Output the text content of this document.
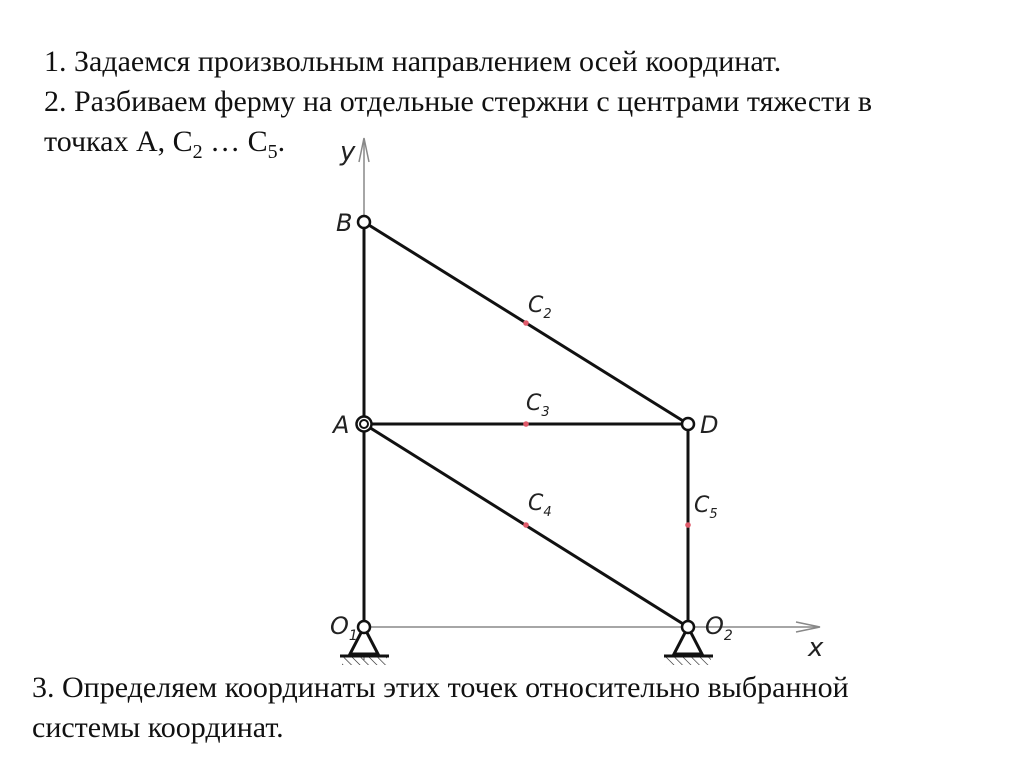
1. Задаемся произвольным направлением осей координат.

2. Разбиваем ферму на отдельные стержни с центрами тяжести в

точках А, $С_2$ … $С_5$.	y
x
B
A	D
$O_1$	$O_2$
$C_2$
$C_3$
$C_4$	$C_5$

3. Определяем координаты этих точек относительно выбранной

системы координат.
